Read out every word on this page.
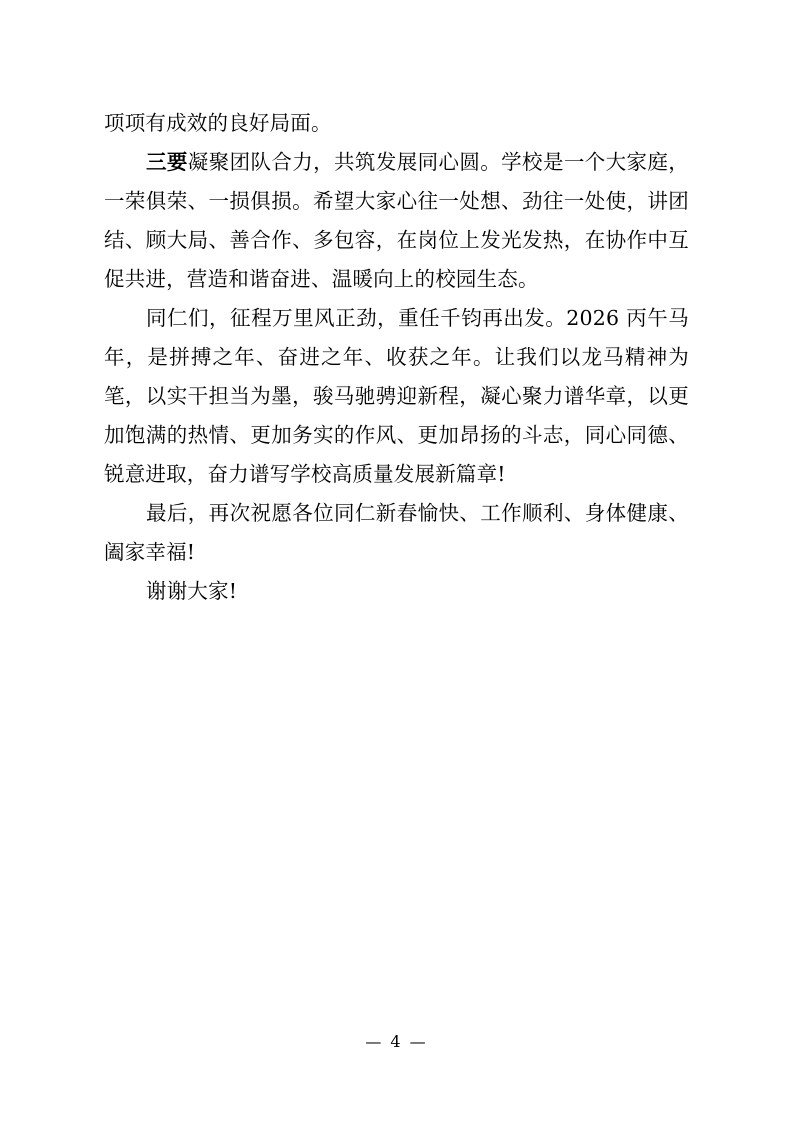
项项有成效的良好局面。

三要凝聚团队合力，共筑发展同心圆。学校是一个大家庭，一荣俱荣、一损俱损。希望大家心往一处想、劲往一处使，讲团结、顾大局、善合作、多包容，在岗位上发光发热，在协作中互促共进，营造和谐奋进、温暖向上的校园生态。

同仁们，征程万里风正劲，重任千钧再出发。2026 丙午马年，是拼搏之年、奋进之年、收获之年。让我们以龙马精神为笔，以实干担当为墨，骏马驰骋迎新程，凝心聚力谱华章，以更加饱满的热情、更加务实的作风、更加昂扬的斗志，同心同德、锐意进取，奋力谱写学校高质量发展新篇章!

最后，再次祝愿各位同仁新春愉快、工作顺利、身体健康、阖家幸福!

谢谢大家!

— 4 —
